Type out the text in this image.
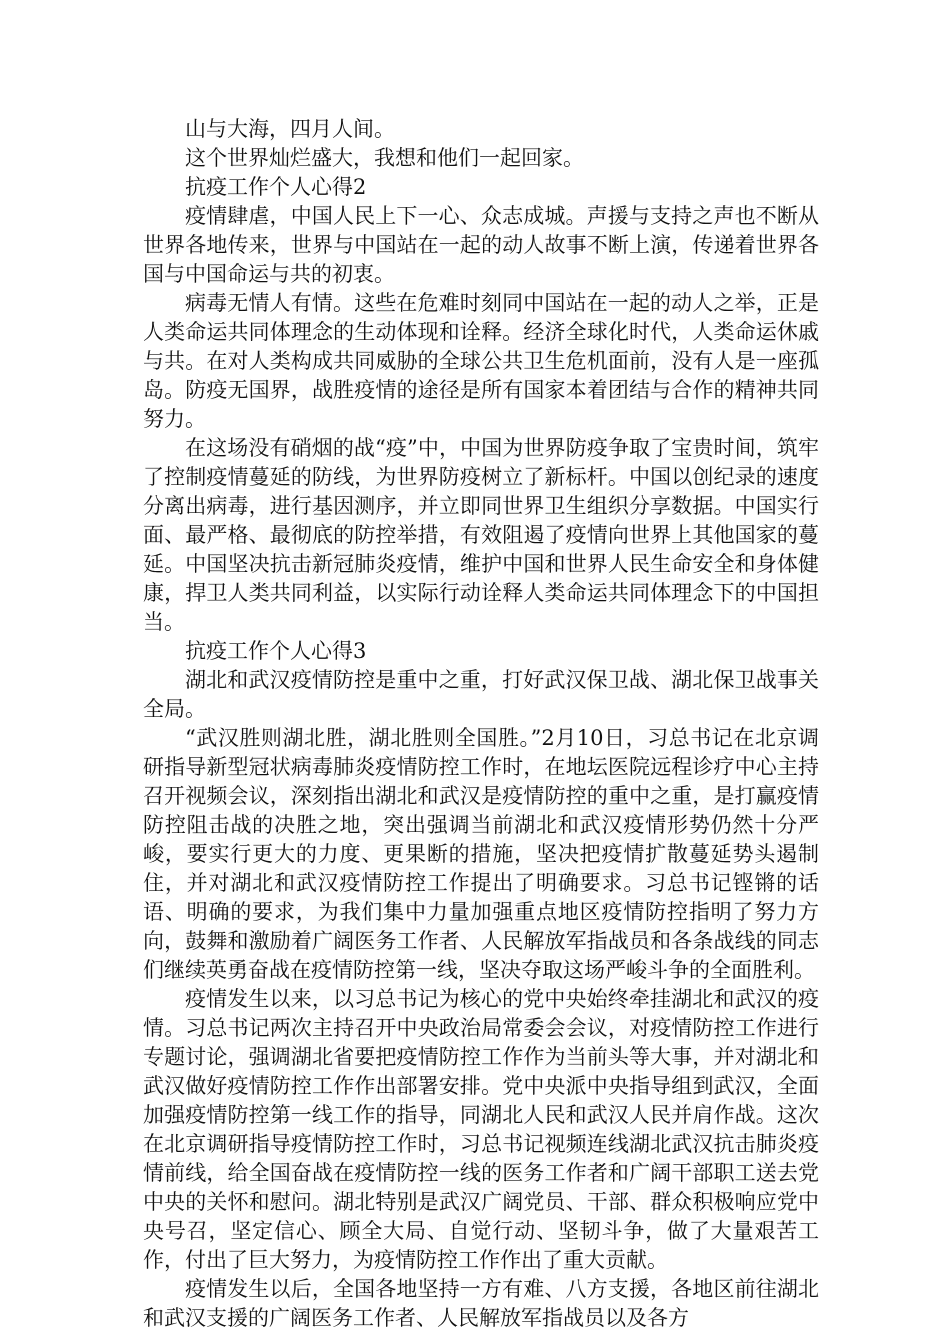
山与大海，四月人间。

这个世界灿烂盛大，我想和他们一起回家。

抗疫工作个人心得2

疫情肆虐，中国人民上下一心、众志成城。声援与支持之声也不断从世界各地传来，世界与中国站在一起的动人故事不断上演，传递着世界各国与中国命运与共的初衷。

病毒无情人有情。这些在危难时刻同中国站在一起的动人之举，正是人类命运共同体理念的生动体现和诠释。经济全球化时代，人类命运休戚与共。在对人类构成共同威胁的全球公共卫生危机面前，没有人是一座孤岛。防疫无国界，战胜疫情的途径是所有国家本着团结与合作的精神共同努力。

在这场没有硝烟的战“疫”中，中国为世界防疫争取了宝贵时间，筑牢了控制疫情蔓延的防线，为世界防疫树立了新标杆。中国以创纪录的速度分离出病毒，进行基因测序，并立即同世界卫生组织分享数据。中国实行面、最严格、最彻底的防控举措，有效阻遏了疫情向世界上其他国家的蔓延。中国坚决抗击新冠肺炎疫情，维护中国和世界人民生命安全和身体健康，捍卫人类共同利益，以实际行动诠释人类命运共同体理念下的中国担当。

抗疫工作个人心得3

湖北和武汉疫情防控是重中之重，打好武汉保卫战、湖北保卫战事关全局。

“武汉胜则湖北胜，湖北胜则全国胜。”2月10日，习总书记在北京调研指导新型冠状病毒肺炎疫情防控工作时，在地坛医院远程诊疗中心主持召开视频会议，深刻指出湖北和武汉是疫情防控的重中之重，是打赢疫情防控阻击战的决胜之地，突出强调当前湖北和武汉疫情形势仍然十分严峻，要实行更大的力度、更果断的措施，坚决把疫情扩散蔓延势头遏制住，并对湖北和武汉疫情防控工作提出了明确要求。习总书记铿锵的话语、明确的要求，为我们集中力量加强重点地区疫情防控指明了努力方向，鼓舞和激励着广阔医务工作者、人民解放军指战员和各条战线的同志们继续英勇奋战在疫情防控第一线，坚决夺取这场严峻斗争的全面胜利。

疫情发生以来，以习总书记为核心的党中央始终牵挂湖北和武汉的疫情。习总书记两次主持召开中央政治局常委会会议，对疫情防控工作进行专题讨论，强调湖北省要把疫情防控工作作为当前头等大事，并对湖北和武汉做好疫情防控工作作出部署安排。党中央派中央指导组到武汉，全面加强疫情防控第一线工作的指导，同湖北人民和武汉人民并肩作战。这次在北京调研指导疫情防控工作时，习总书记视频连线湖北武汉抗击肺炎疫情前线，给全国奋战在疫情防控一线的医务工作者和广阔干部职工送去党中央的关怀和慰问。湖北特别是武汉广阔党员、干部、群众积极响应党中央号召，坚定信心、顾全大局、自觉行动、坚韧斗争，做了大量艰苦工作，付出了巨大努力，为疫情防控工作作出了重大贡献。

疫情发生以后，全国各地坚持一方有难、八方支援，各地区前往湖北和武汉支援的广阔医务工作者、人民解放军指战员以及各方
